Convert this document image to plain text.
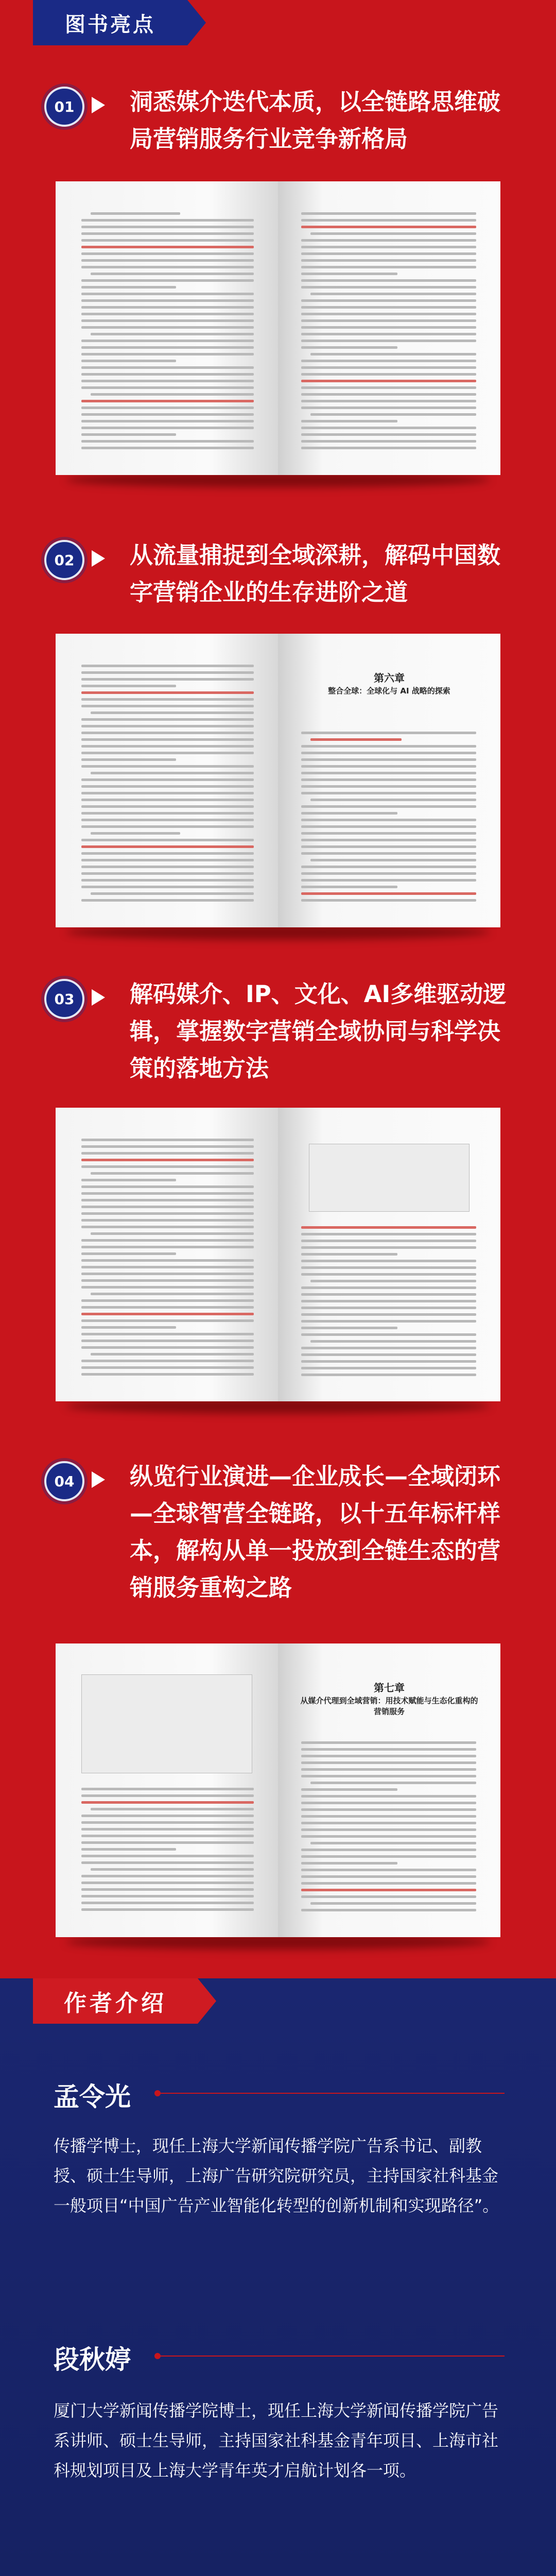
图书亮点
01	洞悉媒介迭代本质，以全链路思维破局营销服务行业竞争新格局
02	从流量捕捉到全域深耕，解码中国数字营销企业的生存进阶之道
第六章
整合全球：全球化与 AI 战略的探索
03	解码媒介、IP、文化、AI多维驱动逻辑，掌握数字营销全域协同与科学决策的落地方法
04	纵览行业演进—企业成长—全域闭环—全球智营全链路，以十五年标杆样本，解构从单一投放到全链生态的营销服务重构之路
第七章
从媒介代理到全域营销：用技术赋能与生态化重构的营销服务
作者介绍
孟令光
传播学博士，现任上海大学新闻传播学院广告系书记、副教授、硕士生导师，上海广告研究院研究员，主持国家社科基金一般项目“中国广告产业智能化转型的创新机制和实现路径”。
段秋婷
厦门大学新闻传播学院博士，现任上海大学新闻传播学院广告系讲师、硕士生导师，主持国家社科基金青年项目、上海市社科规划项目及上海大学青年英才启航计划各一项。
